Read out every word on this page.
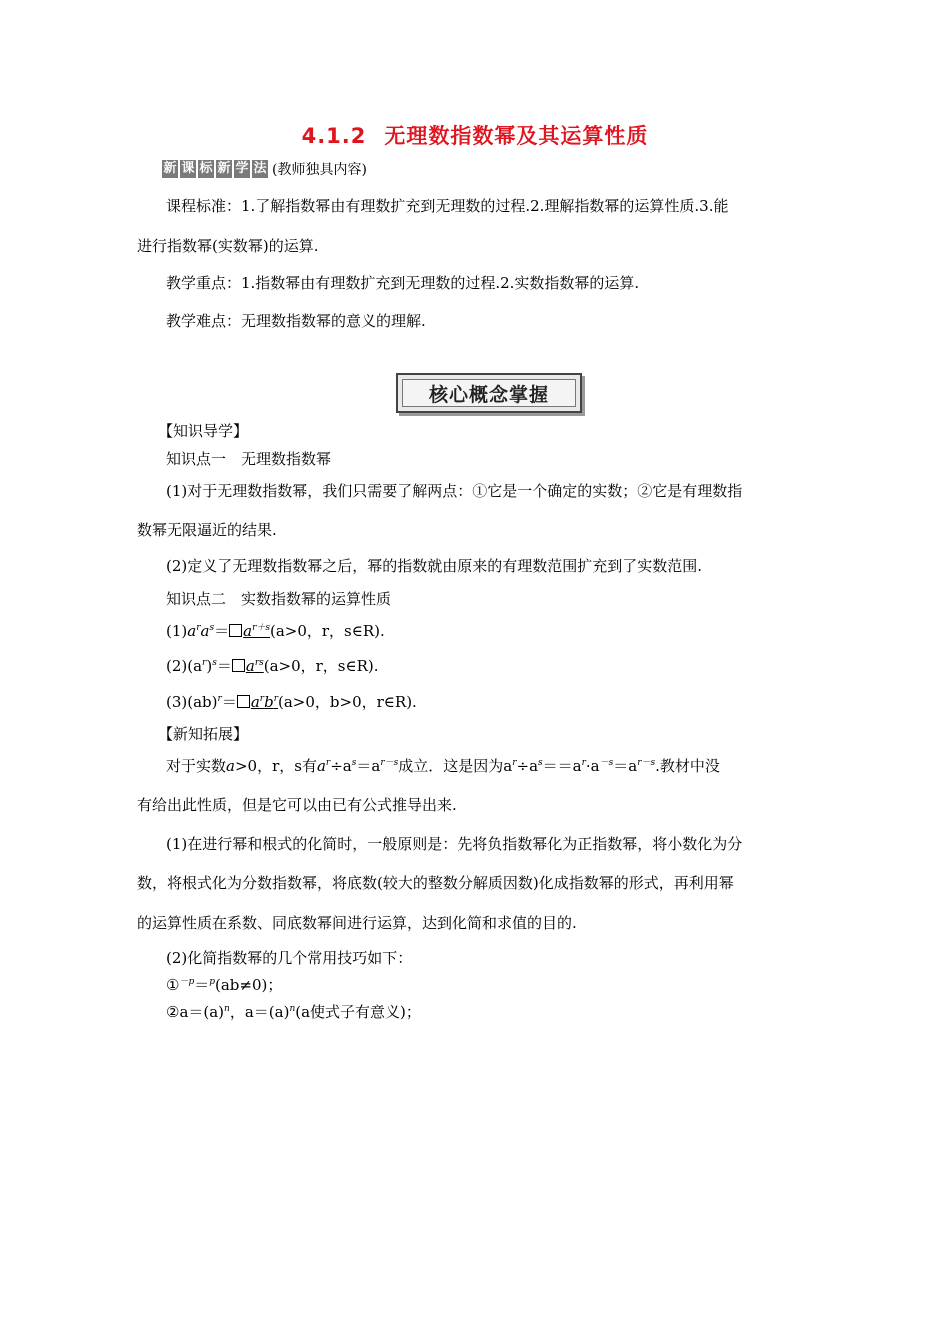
4.1.2 无理数指数幂及其运算性质
新 课 标 新 学 法 (教师独具内容)
课程标准：1.了解指数幂由有理数扩充到无理数的过程.2.理解指数幂的运算性质.3.能
进行指数幂(实数幂)的运算.
教学重点：1.指数幂由有理数扩充到无理数的过程.2.实数指数幂的运算.
教学难点：无理数指数幂的意义的理解.
核心概念掌握
【知识导学】
知识点一　无理数指数幂
(1)对于无理数指数幂，我们只需要了解两点：①它是一个确定的实数；②它是有理数指
数幂无限逼近的结果.
(2)定义了无理数指数幂之后，幂的指数就由原来的有理数范围扩充到了实数范围.
知识点二　实数指数幂的运算性质
$(1)a^ra^s= a^{r+s}(a>0$，r，s∈R).
$(2)(a^r)^s= a^{rs}(a>0$，r，s∈R).
$(3)(ab)^r= a^rb^r(a>0$，b>0，r∈R).
【新知拓展】
对于实数a>0，r，s有$a^r\div a^s=a^{r-s}$成立．这是因为$a^r\div a^s==a^r\cdot a^{-s}=a^{r-s}$.教材中没
有给出此性质，但是它可以由已有公式推导出来.
(1)在进行幂和根式的化简时，一般原则是：先将负指数幂化为正指数幂，将小数化为分
数，将根式化为分数指数幂，将底数(较大的整数分解质因数)化成指数幂的形式，再利用幂
的运算性质在系数、同底数幂间进行运算，达到化简和求值的目的.
(2)化简指数幂的几个常用技巧如下：
①$^{-p}$＝$^p$(ab≠0)；
$②a=(a)^n$，$a=(a)^n(a$使式子有意义)；
